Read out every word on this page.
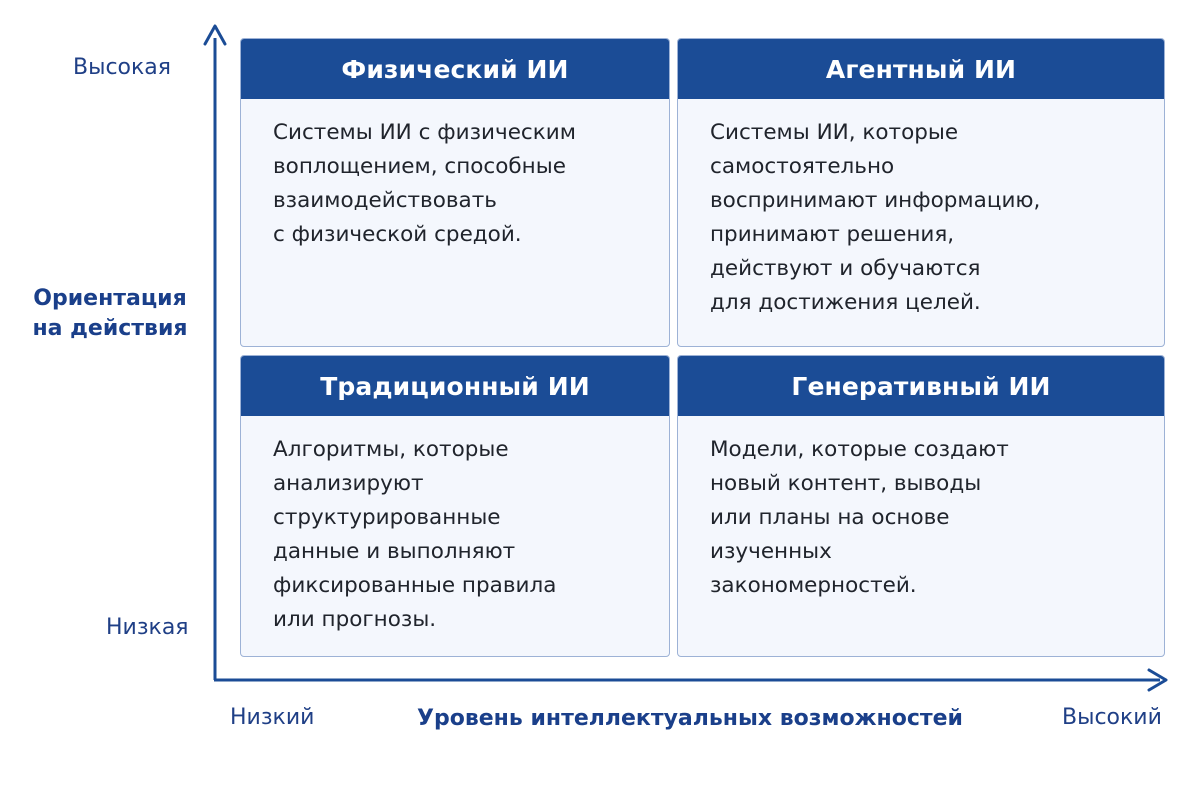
Высокая
Ориентация
на действия
Низкая
Низкий	Уровень интеллектуальных возможностей	Высокий
Физический ИИ

Системы ИИ с физическим
воплощением, способные
взаимодействовать
с физической средой.

Агентный ИИ

Системы ИИ, которые
самостоятельно
воспринимают информацию,
принимают решения,
действуют и обучаются
для достижения целей.

Традиционный ИИ

Алгоритмы, которые
анализируют
структурированные
данные и выполняют
фиксированные правила
или прогнозы.

Генеративный ИИ

Модели, которые создают
новый контент, выводы
или планы на основе
изученных
закономерностей.
